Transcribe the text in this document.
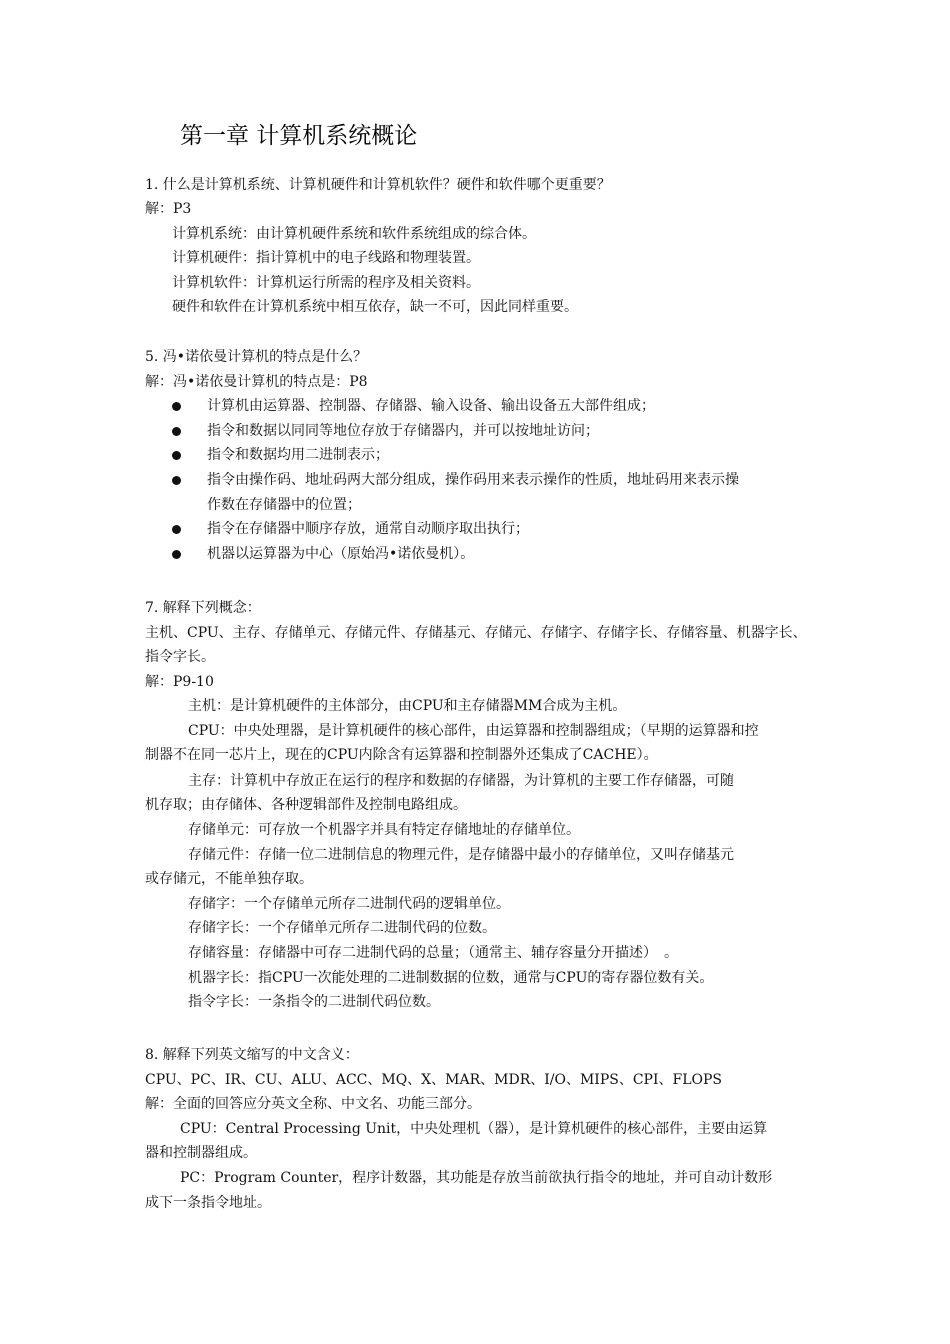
第一章 计算机系统概论
1. 什么是计算机系统、计算机硬件和计算机软件？硬件和软件哪个更重要？
解：P3
计算机系统：由计算机硬件系统和软件系统组成的综合体。
计算机硬件：指计算机中的电子线路和物理装置。
计算机软件：计算机运行所需的程序及相关资料。
硬件和软件在计算机系统中相互依存，缺一不可，因此同样重要。
5. 冯•诺依曼计算机的特点是什么？
解：冯•诺依曼计算机的特点是：P8
计算机由运算器、控制器、存储器、输入设备、输出设备五大部件组成；
指令和数据以同同等地位存放于存储器内，并可以按地址访问；
指令和数据均用二进制表示；
指令由操作码、地址码两大部分组成，操作码用来表示操作的性质，地址码用来表示操
作数在存储器中的位置；
指令在存储器中顺序存放，通常自动顺序取出执行；
机器以运算器为中心（原始冯•诺依曼机）。
7. 解释下列概念：
主机、CPU、主存、存储单元、存储元件、存储基元、存储元、存储字、存储字长、存储容量、机器字长、
指令字长。
解：P9-10
主机：是计算机硬件的主体部分，由CPU和主存储器MM合成为主机。
CPU：中央处理器，是计算机硬件的核心部件，由运算器和控制器组成；（早期的运算器和控
制器不在同一芯片上，现在的CPU内除含有运算器和控制器外还集成了CACHE）。
主存：计算机中存放正在运行的程序和数据的存储器，为计算机的主要工作存储器，可随
机存取；由存储体、各种逻辑部件及控制电路组成。
存储单元：可存放一个机器字并具有特定存储地址的存储单位。
存储元件：存储一位二进制信息的物理元件，是存储器中最小的存储单位，又叫存储基元
或存储元，不能单独存取。
存储字：一个存储单元所存二进制代码的逻辑单位。
存储字长：一个存储单元所存二进制代码的位数。
存储容量：存储器中可存二进制代码的总量；（通常主、辅存容量分开描述）　。
机器字长：指CPU一次能处理的二进制数据的位数，通常与CPU的寄存器位数有关。
指令字长：一条指令的二进制代码位数。
8. 解释下列英文缩写的中文含义：
CPU、PC、IR、CU、ALU、ACC、MQ、X、MAR、MDR、I/O、MIPS、CPI、FLOPS
解：全面的回答应分英文全称、中文名、功能三部分。
CPU：Central Processing Unit，中央处理机（器），是计算机硬件的核心部件，主要由运算
器和控制器组成。
PC：Program Counter，程序计数器，其功能是存放当前欲执行指令的地址，并可自动计数形
成下一条指令地址。
